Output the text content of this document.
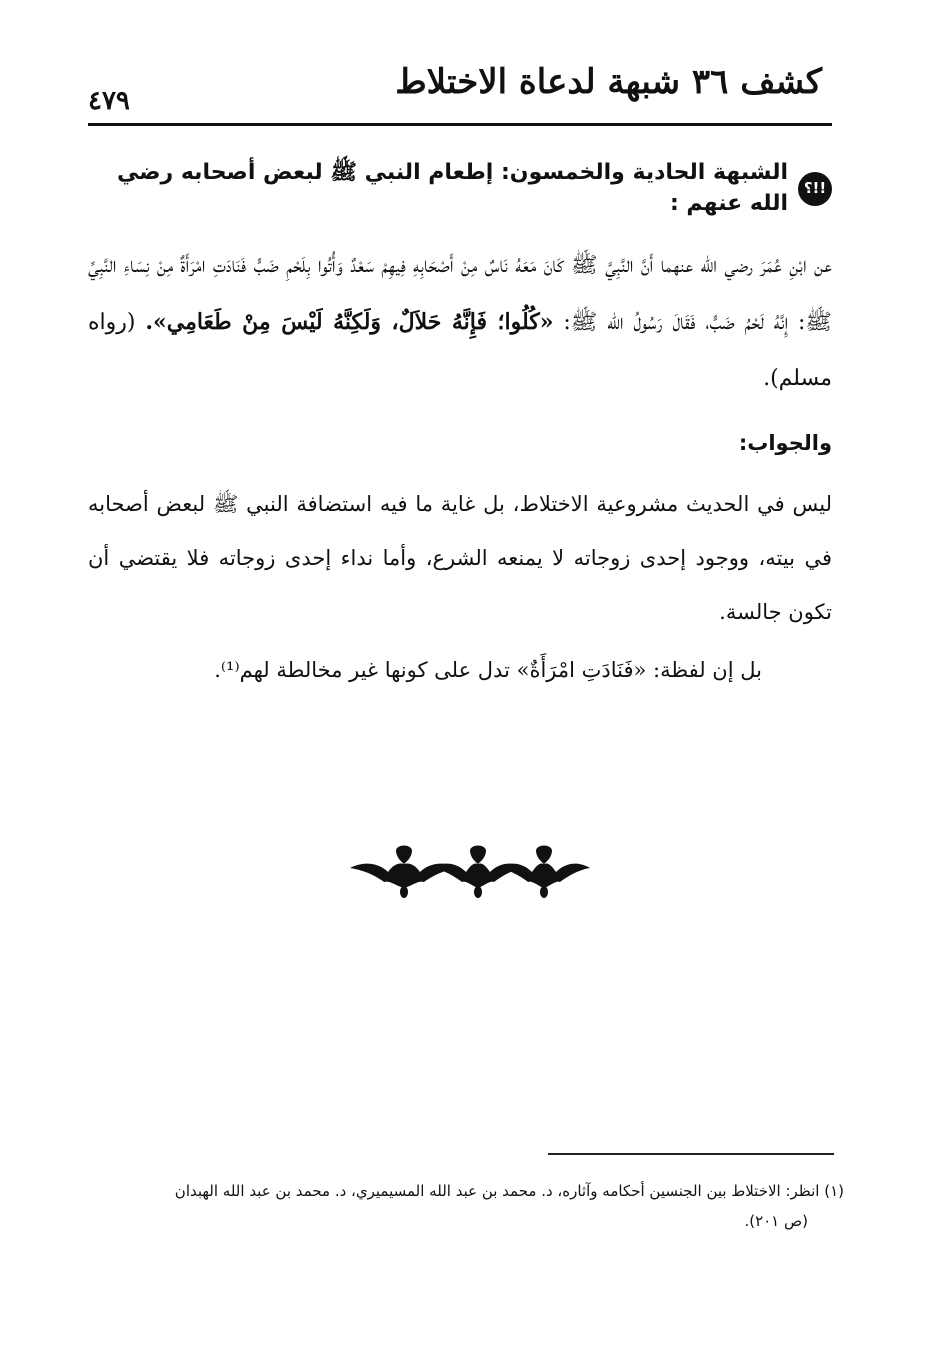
كشف ٣٦ شبهة لدعاة الاختلاط
٤٧٩
!!؟
الشبهة الحادية والخمسون: إطعام النبي ﷺ لبعض أصحابه رضي الله عنهم :

عن ابْنِ عُمَرَ رضي الله عنهما أَنَّ النَّبِيَّ ﷺ كَانَ مَعَهُ نَاسٌ مِنْ أَصْحَابِهِ فِيهِمْ سَعْدٌ وَأُتُوا بِلَحْمِ ضَبٍّ فَنَادَتِ امْرَأَةٌ مِنْ نِسَاءِ النَّبِيِّ ﷺ: إِنَّهُ لَحْمُ ضَبٍّ، فَقَالَ رَسُولُ الله ﷺ: «كُلُوا؛ فَإِنَّهُ حَلاَلٌ، وَلَكِنَّهُ لَيْسَ مِنْ طَعَامِي». (رواه مسلم).

والجواب:

ليس في الحديث مشروعية الاختلاط، بل غاية ما فيه استضافة النبي ﷺ لبعض أصحابه في بيته، ووجود إحدى زوجاته لا يمنعه الشرع، وأما نداء إحدى زوجاته فلا يقتضي أن تكون جالسة.

بل إن لفظة: «فَنَادَتِ امْرَأَةٌ» تدل على كونها غير مخالطة لهم⁽¹⁾.

(١) انظر: الاختلاط بين الجنسين أحكامه وآثاره، د. محمد بن عبد الله المسيميري، د. محمد بن عبد الله الهبدان
(ص ٢٠١).
